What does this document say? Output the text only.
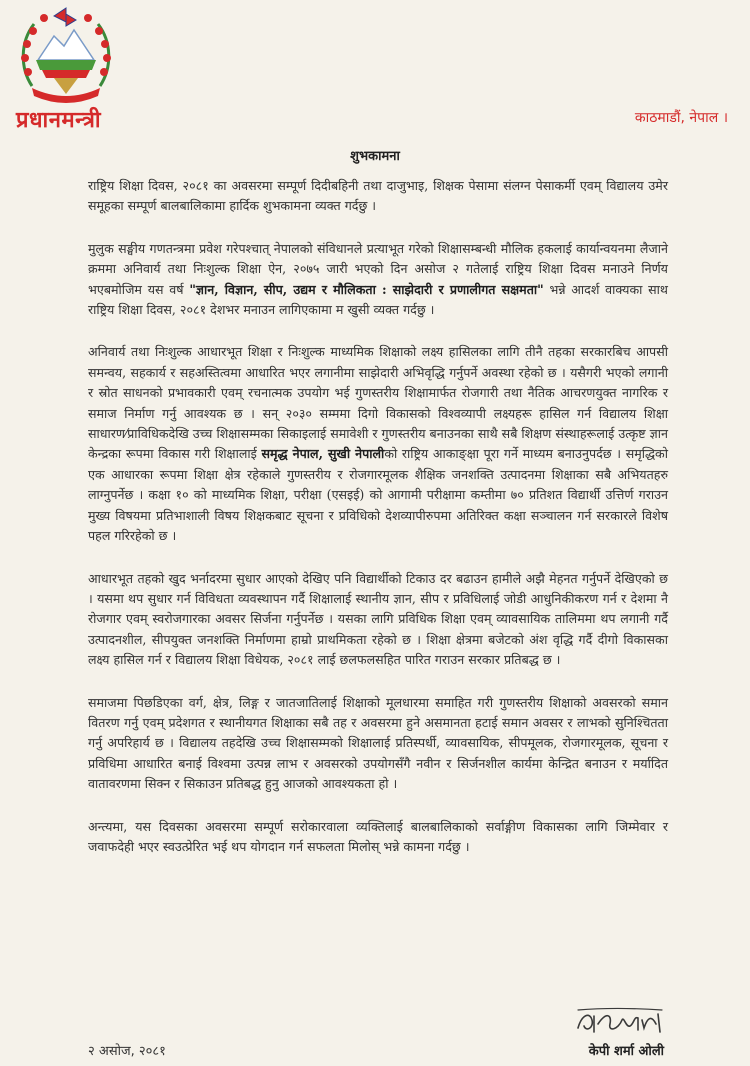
प्रधानमन्त्री	काठमाडौं, नेपाल ।
शुभकामना

राष्ट्रिय शिक्षा दिवस, २०८१ का अवसरमा सम्पूर्ण दिदीबहिनी तथा दाजुभाइ, शिक्षक पेसामा संलग्न पेसाकर्मी एवम् विद्यालय उमेर समूहका सम्पूर्ण बालबालिकामा हार्दिक शुभकामना व्यक्त गर्दछु ।

मुलुक सङ्घीय गणतन्त्रमा प्रवेश गरेपश्चात् नेपालको संविधानले प्रत्याभूत गरेको शिक्षासम्बन्धी मौलिक हकलाई कार्यान्वयनमा लैजाने क्रममा अनिवार्य तथा निःशुल्क शिक्षा ऐन, २०७५ जारी भएको दिन असोज २ गतेलाई राष्ट्रिय शिक्षा दिवस मनाउने निर्णय भएबमोजिम यस वर्ष "ज्ञान, विज्ञान, सीप, उद्यम र मौलिकता : साझेदारी र प्रणालीगत सक्षमता" भन्ने आदर्श वाक्यका साथ राष्ट्रिय शिक्षा दिवस, २०८१ देशभर मनाउन लागिएकामा म खुसी व्यक्त गर्दछु ।

अनिवार्य तथा निःशुल्क आधारभूत शिक्षा र निःशुल्क माध्यमिक शिक्षाको लक्ष्य हासिलका लागि तीनै तहका सरकारबिच आपसी समन्वय, सहकार्य र सहअस्तित्वमा आधारित भएर लगानीमा साझेदारी अभिवृद्धि गर्नुपर्ने अवस्था रहेको छ । यसैगरी भएको लगानी र स्रोत साधनको प्रभावकारी एवम् रचनात्मक उपयोग भई गुणस्तरीय शिक्षामार्फत रोजगारी तथा नैतिक आचरणयुक्त नागरिक र समाज निर्माण गर्नु आवश्यक छ । सन् २०३० सम्ममा दिगो विकासको विश्वव्यापी लक्ष्यहरू हासिल गर्न विद्यालय शिक्षा साधारण⁄प्राविधिकदेखि उच्च शिक्षासम्मका सिकाइलाई समावेशी र गुणस्तरीय बनाउनका साथै सबै शिक्षण संस्थाहरूलाई उत्कृष्ट ज्ञान केन्द्रका रूपमा विकास गरी शिक्षालाई समृद्ध नेपाल, सुखी नेपालीको राष्ट्रिय आकाङ्क्षा पूरा गर्ने माध्यम बनाउनुपर्दछ । समृद्धिको एक आधारका रूपमा शिक्षा क्षेत्र रहेकाले गुणस्तरीय र रोजगारमूलक शैक्षिक जनशक्ति उत्पादनमा शिक्षाका सबै अभियतहरु लाग्नुपर्नेछ । कक्षा १० को माध्यमिक शिक्षा, परीक्षा (एसइई) को आगामी परीक्षामा कम्तीमा ७० प्रतिशत विद्यार्थी उत्तिर्ण गराउन मुख्य विषयमा प्रतिभाशाली विषय शिक्षकबाट सूचना र प्रविधिको देशव्यापीरुपमा अतिरिक्त कक्षा सञ्चालन गर्न सरकारले विशेष पहल गरिरहेको छ ।

आधारभूत तहको खुद भर्नादरमा सुधार आएको देखिए पनि विद्यार्थीको टिकाउ दर बढाउन हामीले अझै मेहनत गर्नुपर्ने देखिएको छ । यसमा थप सुधार गर्न विविधता व्यवस्थापन गर्दै शिक्षालाई स्थानीय ज्ञान, सीप र प्रविधिलाई जोडी आधुनिकीकरण गर्न र देशमा नै रोजगार एवम् स्वरोजगारका अवसर सिर्जना गर्नुपर्नेछ । यसका लागि प्रविधिक शिक्षा एवम् व्यावसायिक तालिममा थप लगानी गर्दै उत्पादनशील, सीपयुक्त जनशक्ति निर्माणमा हाम्रो प्राथमिकता रहेको छ । शिक्षा क्षेत्रमा बजेटको अंश वृद्धि गर्दै दीगो विकासका लक्ष्य हासिल गर्न र विद्यालय शिक्षा विधेयक, २०८१ लाई छलफलसहित पारित गराउन सरकार प्रतिबद्ध छ ।

समाजमा पिछडिएका वर्ग, क्षेत्र, लिङ्ग र जातजातिलाई शिक्षाको मूलधारमा समाहित गरी गुणस्तरीय शिक्षाको अवसरको समान वितरण गर्नु एवम् प्रदेशगत र स्थानीयगत शिक्षाका सबै तह र अवसरमा हुने असमानता हटाई समान अवसर र लाभको सुनिश्चितता गर्नु अपरिहार्य छ । विद्यालय तहदेखि उच्च शिक्षासम्मको शिक्षालाई प्रतिस्पर्धी, व्यावसायिक, सीपमूलक, रोजगारमूलक, सूचना र प्रविधिमा आधारित बनाई विश्वमा उत्पन्न लाभ र अवसरको उपयोगसँगै नवीन र सिर्जनशील कार्यमा केन्द्रित बनाउन र मर्यादित वातावरणमा सिक्न र सिकाउन प्रतिबद्ध हुनु आजको आवश्यकता हो ।

अन्त्यमा, यस दिवसका अवसरमा सम्पूर्ण सरोकारवाला व्यक्तिलाई बालबालिकाको सर्वाङ्गीण विकासका लागि जिम्मेवार र जवाफदेही भएर स्वउत्प्रेरित भई थप योगदान गर्न सफलता मिलोस् भन्ने कामना गर्दछु ।

केपी शर्मा ओली
२ असोज, २०८१
